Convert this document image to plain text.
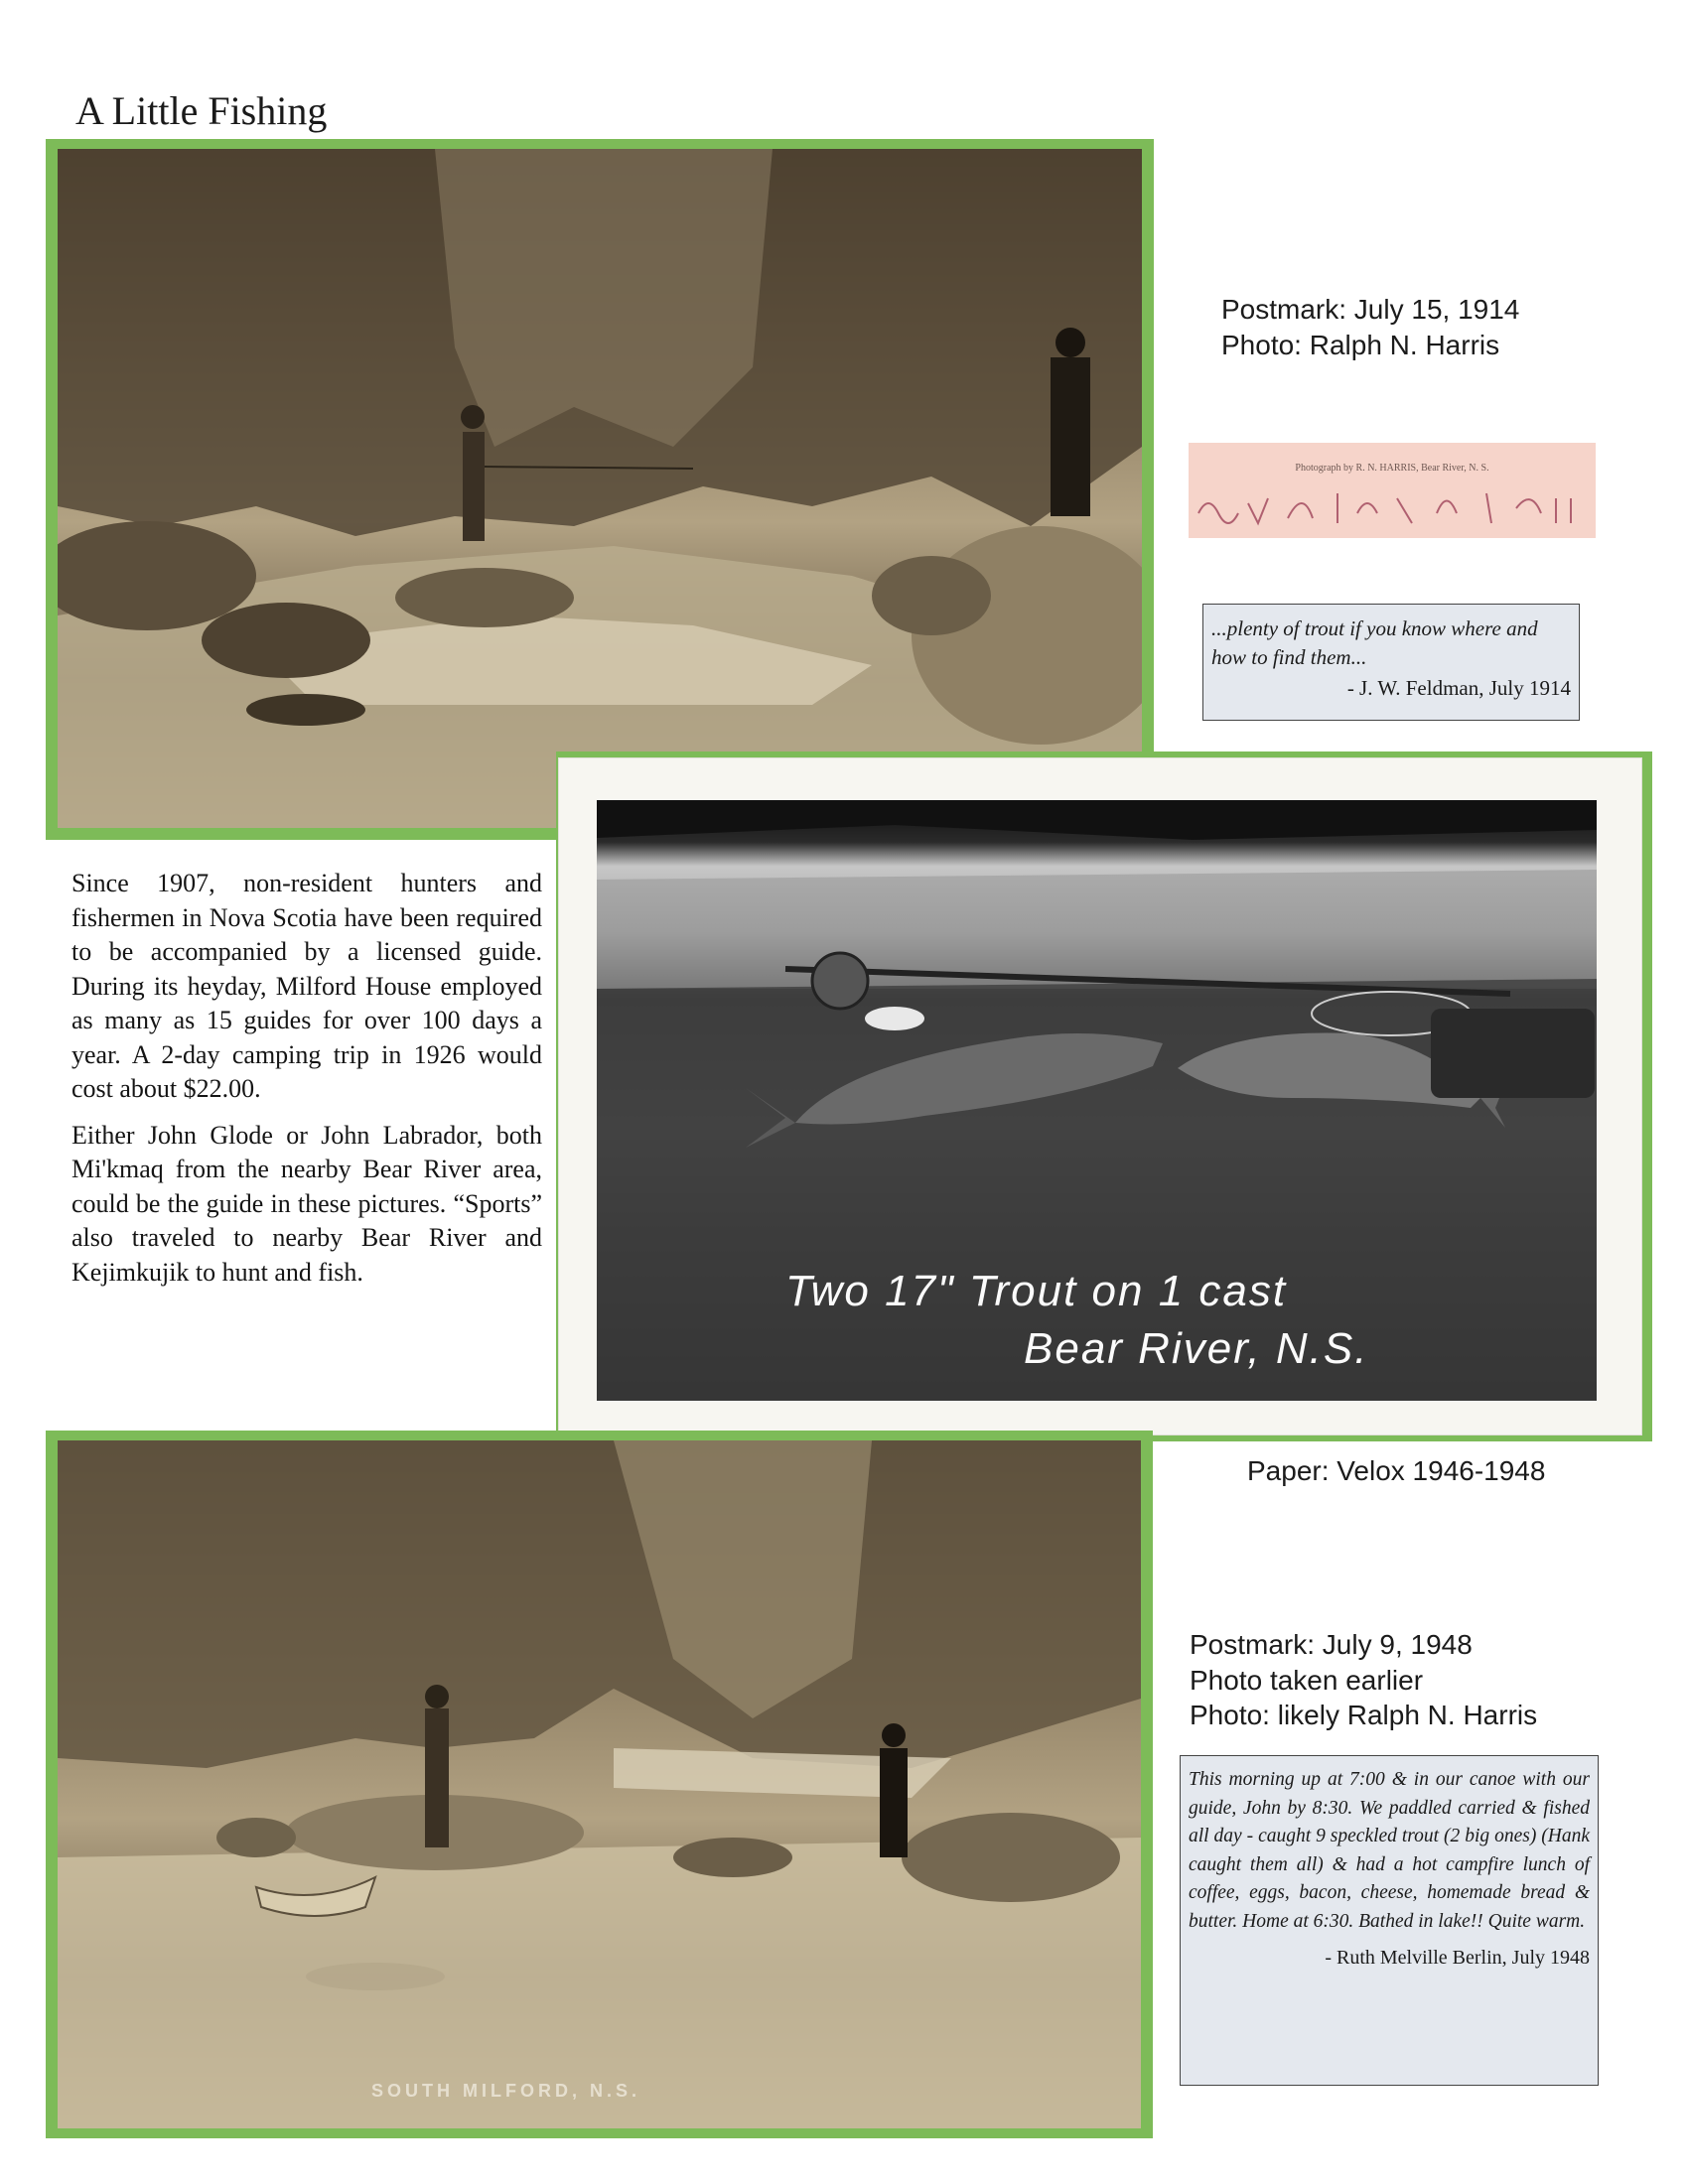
A Little Fishing
Postmark: July 15, 1914
Photo: Ralph N. Harris
Photograph by R. N. HARRIS, Bear River, N. S.
...plenty of trout if you know where and how to find them...
- J. W. Feldman, July 1914

Since 1907, non-resident hunters and fishermen in Nova Scotia have been required to be accompanied by a licensed guide. During its heyday, Milford House employed as many as 15 guides for over 100 days a year. A 2-day camping trip in 1926 would cost about $22.00.

Either John Glode or John Labrador, both Mi'kmaq from the nearby Bear River area, could be the guide in these pictures. “Sports” also traveled to nearby Bear River and Kejimkujik to hunt and fish.	Two 17" Trout on 1 cast
Bear River, N.S.
Paper: Velox 1946-1948
SOUTH MILFORD, N.S.
Postmark: July 9, 1948
Photo taken earlier
Photo: likely Ralph N. Harris
This morning up at 7:00 & in our canoe with our guide, John by 8:30. We paddled carried & fished all day - caught 9 speckled trout (2 big ones) (Hank caught them all) & had a hot campfire lunch of coffee, eggs, bacon, cheese, homemade bread & butter. Home at 6:30. Bathed in lake!! Quite warm.
- Ruth Melville Berlin, July 1948
